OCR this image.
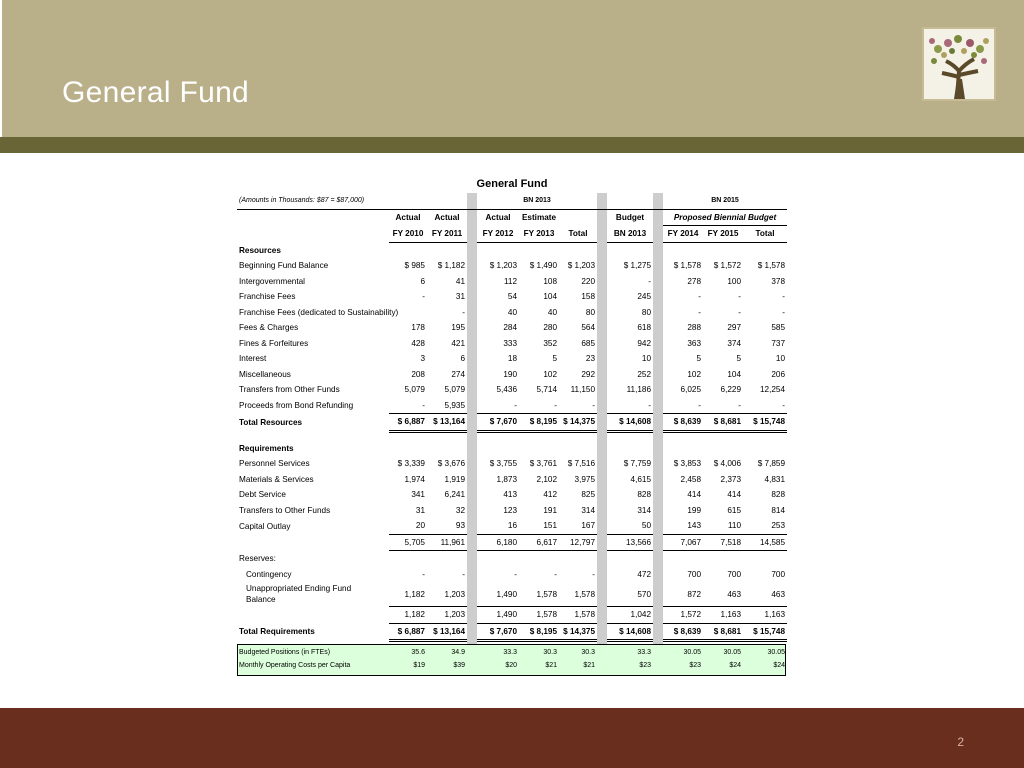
General Fund
General Fund
(Amounts in Thousands: $87 = $87,000)				BN 2013						BN 2015		
	Actual	Actual		Actual	Estimate			Budget		Proposed Biennial Budget		
	FY 2010	FY 2011		FY 2012	FY 2013	Total		BN 2013		FY 2014	FY 2015	Total
Resources												
Beginning Fund Balance	$ 985	$ 1,182		$ 1,203	$ 1,490	$ 1,203		$ 1,275		$ 1,578	$ 1,572	$ 1,578
Intergovernmental	6	41		112	108	220		-		278	100	378
Franchise Fees	-	31		54	104	158		245		-	-	-
Franchise Fees (dedicated to Sustainability)		-		40	40	80		80		-	-	-
Fees & Charges	178	195		284	280	564		618		288	297	585
Fines & Forfeitures	428	421		333	352	685		942		363	374	737
Interest	3	6		18	5	23		10		5	5	10
Miscellaneous	208	274		190	102	292		252		102	104	206
Transfers from Other Funds	5,079	5,079		5,436	5,714	11,150		11,186		6,025	6,229	12,254
Proceeds from Bond Refunding	-	5,935		-	-	-		-		-	-	-
Total Resources	$ 6,887	$ 13,164		$ 7,670	$ 8,195	$ 14,375		$ 14,608		$ 8,639	$ 8,681	$ 15,748

Requirements												
Personnel Services	$ 3,339	$ 3,676		$ 3,755	$ 3,761	$ 7,516		$ 7,759		$ 3,853	$ 4,006	$ 7,859
Materials & Services	1,974	1,919		1,873	2,102	3,975		4,615		2,458	2,373	4,831
Debt Service	341	6,241		413	412	825		828		414	414	828
Transfers to Other Funds	31	32		123	191	314		314		199	615	814
Capital Outlay	20	93		16	151	167		50		143	110	253
	5,705	11,961		6,180	6,617	12,797		13,566		7,067	7,518	14,585
Reserves:												
Contingency	-	-		-	-	-		472		700	700	700
Unappropriated Ending Fund Balance	1,182	1,203		1,490	1,578	1,578		570		872	463	463
	1,182	1,203		1,490	1,578	1,578		1,042		1,572	1,163	1,163
Total Requirements	$ 6,887	$ 13,164		$ 7,670	$ 8,195	$ 14,375		$ 14,608		$ 8,639	$ 8,681	$ 15,748

Budgeted Positions (in FTEs)	35.6	34.9		33.3	30.3	30.3		33.3		30.05	30.05	30.05
Monthly Operating Costs per Capita	$19	$39		$20	$21	$21		$23		$23	$24	$24
2
